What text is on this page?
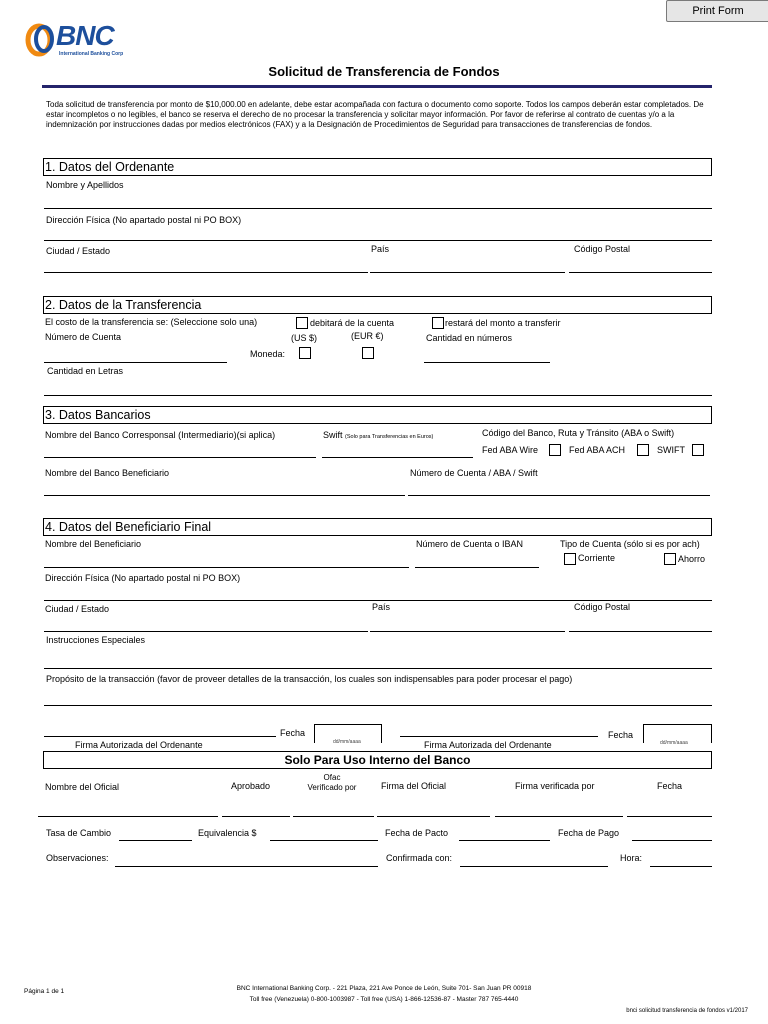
Print Form
BNC
International Banking Corp
Solicitud de Transferencia de Fondos
Toda solicitud de transferencia por monto de $10,000.00 en adelante, debe estar acompañada con factura o documento como soporte. Todos los campos deberán estar completados. De estar incompletos o no legibles, el banco se reserva el derecho de no procesar la transferencia y solicitar mayor información. Por favor de referirse al contrato de cuentas y/o a la indemnización por instrucciones dadas por medios electrónicos (FAX) y a la Designación de Procedimientos de Seguridad para transacciones de transferencias de fondos.
1. Datos del Ordenante
Nombre y Apellidos
Dirección Física (No apartado postal ni PO BOX)
Ciudad / Estado	País	Código Postal
2. Datos de la Transferencia
El costo de la transferencia se: (Seleccione solo una)	debitará de la cuenta	restará del monto a transferir
Número de Cuenta	(US $)	(EUR €)	Cantidad en números
Moneda:
Cantidad en Letras
3. Datos Bancarios
Nombre del Banco Corresponsal (Intermediario)(si aplica)	Swift (Solo para Transferencias en Euros)	Código del Banco, Ruta y Tránsito (ABA o Swift)
Fed ABA Wire	Fed ABA ACH	SWIFT
Nombre del Banco Beneficiario	Número de Cuenta / ABA / Swift
4. Datos del Beneficiario Final
Nombre del Beneficiario	Número de Cuenta o IBAN	Tipo de Cuenta (sólo si es por ach)
Corriente	Ahorro
Dirección Física (No apartado postal ni PO BOX)
Ciudad / Estado	País	Código Postal
Instrucciones Especiales
Propósito de la transacción (favor de proveer detalles de la transacción, los cuales son indispensables para poder procesar el pago)
Firma Autorizada del Ordenante
Fecha
dd/mm/aaaa	Firma Autorizada del Ordenante
Fecha
dd/mm/aaaa
Solo Para Uso Interno del Banco
Nombre del Oficial	Aprobado
Ofac
Verificado por	Firma del Oficial	Firma verificada por	Fecha
Tasa de Cambio	Equivalencia $	Fecha de Pacto	Fecha de Pago
Observaciones:	Confirmada con:	Hora:
Página 1 de 1	BNC International Banking Corp. - 221 Plaza, 221 Ave Ponce de León, Suite 701- San Juan PR 00918
Toll free (Venezuela) 0-800-1003987 - Toll free (USA) 1-866-12536-87 - Master 787 765-4440
bnci solicitud transferencia de fondos v1/2017
